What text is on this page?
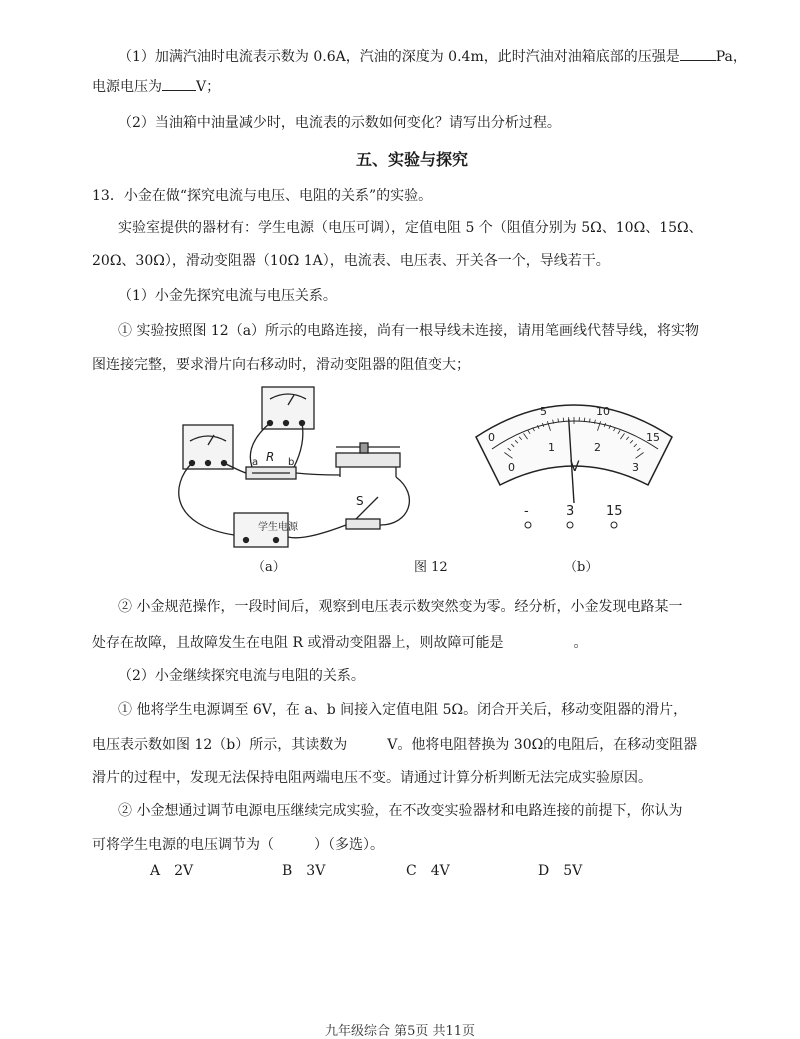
（1）加满汽油时电流表示数为 0.6A，汽油的深度为 0.4m，此时汽油对油箱底部的压强是	Pa，
电源电压为 V；
（2）当油箱中油量减少时，电流表的示数如何变化？请写出分析过程。
五、实验与探究
13．小金在做“探究电流与电压、电阻的关系”的实验。
实验室提供的器材有：学生电源（电压可调），定值电阻 5 个（阻值分别为 5Ω、10Ω、15Ω、
20Ω、30Ω），滑动变阻器（10Ω 1A），电流表、电压表、开关各一个，导线若干。
（1）小金先探究电流与电压关系。
① 实验按照图 12（a）所示的电路连接，尚有一根导线未连接，请用笔画线代替导线，将实物
图连接完整，要求滑片向右移动时，滑动变阻器的阻值变大；
学生电源
R
a	b
S
V
0
5	10
15
0
1	2
3
-	3 15
（a）	图 12	（b）
② 小金规范操作，一段时间后，观察到电压表示数突然变为零。经分析，小金发现电路某一
处存在故障，且故障发生在电阻 R 或滑动变阻器上，则故障可能是	。
（2）小金继续探究电流与电阻的关系。
① 他将学生电源调至 6V，在 a、b 间接入定值电阻 5Ω。闭合开关后，移动变阻器的滑片，
电压表示数如图 12（b）所示，其读数为	V。他将电阻替换为 30Ω的电阻后，在移动变阻器
滑片的过程中，发现无法保持电阻两端电压不变。请通过计算分析判断无法完成实验原因。
② 小金想通过调节电源电压继续完成实验，在不改变实验器材和电路连接的前提下，你认为
可将学生电源的电压调节为（	）（多选）。
A　2V	B　3V	C　4V	D　5V
九年级综合 第5页 共11页
